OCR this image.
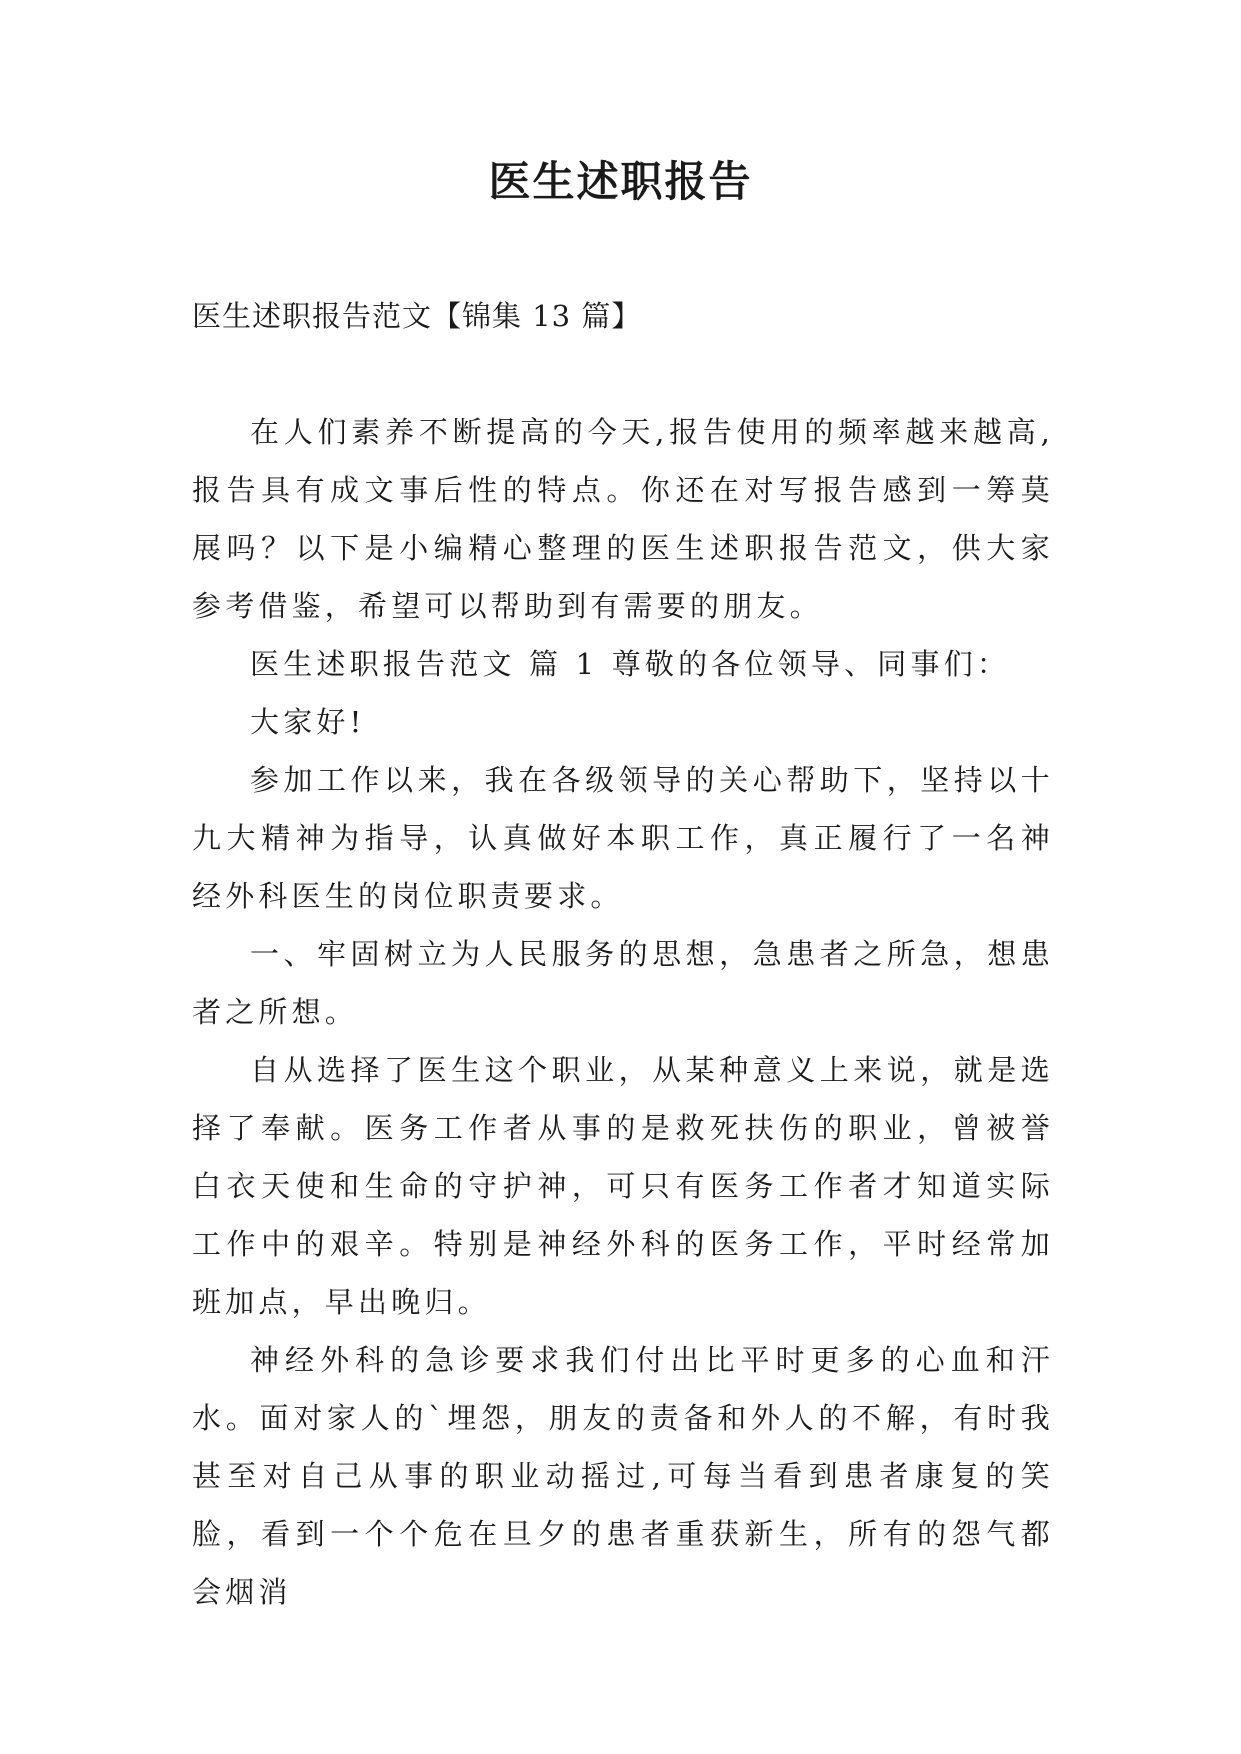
医生述职报告

医生述职报告范文【锦集 13 篇】

在人们素养不断提高的今天,报告使用的频率越来越高,报告具有成文事后性的特点。你还在对写报告感到一筹莫展吗？以下是小编精心整理的医生述职报告范文，供大家参考借鉴，希望可以帮助到有需要的朋友。

医生述职报告范文 篇 1 尊敬的各位领导、同事们：

大家好!

参加工作以来，我在各级领导的关心帮助下，坚持以十九大精神为指导，认真做好本职工作，真正履行了一名神经外科医生的岗位职责要求。

一、牢固树立为人民服务的思想，急患者之所急，想患者之所想。

自从选择了医生这个职业，从某种意义上来说，就是选择了奉献。医务工作者从事的是救死扶伤的职业，曾被誉白衣天使和生命的守护神，可只有医务工作者才知道实际工作中的艰辛。特别是神经外科的医务工作，平时经常加班加点，早出晚归。

神经外科的急诊要求我们付出比平时更多的心血和汗水。面对家人的`埋怨，朋友的责备和外人的不解，有时我甚至对自己从事的职业动摇过,可每当看到患者康复的笑脸，看到一个个危在旦夕的患者重获新生，所有的怨气都会烟消
